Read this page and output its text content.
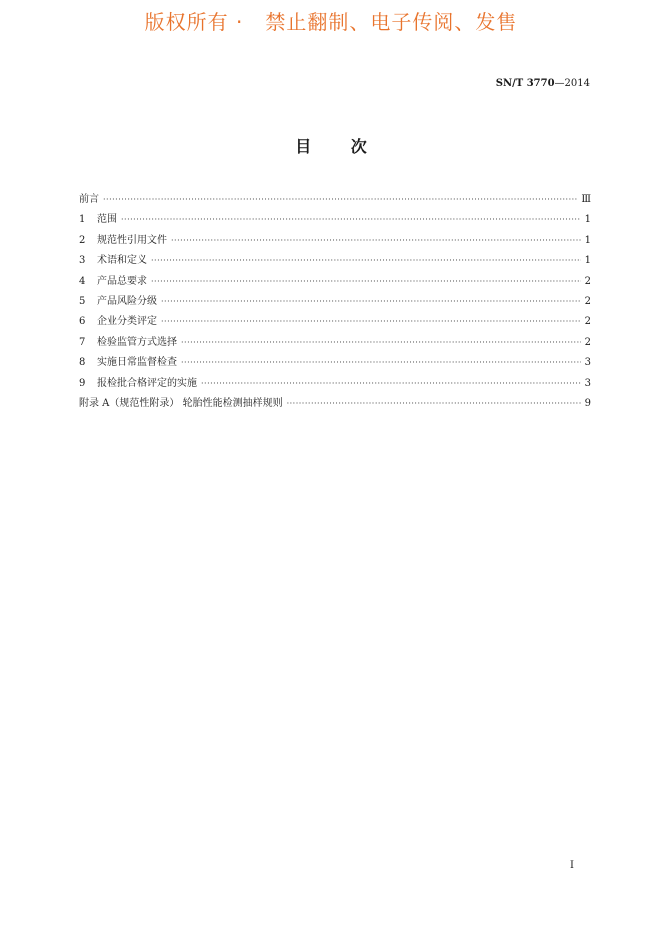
版权所有 ·   禁止翻制、电子传阅、发售
SN/T 3770—2014
目 次
前言 ·····	Ⅲ
1	范围 ·····	1
2	规范性引用文件 ·····	1
3	术语和定义 ·····	1
4	产品总要求 ·····	2
5	产品风险分级 ·····	2
6	企业分类评定 ·····	2
7	检验监管方式选择 ·····	2
8	实施日常监督检查 ·····	3
9	报检批合格评定的实施 ·····	3
附录 A（规范性附录） 轮胎性能检测抽样规则 ·····	9
I
